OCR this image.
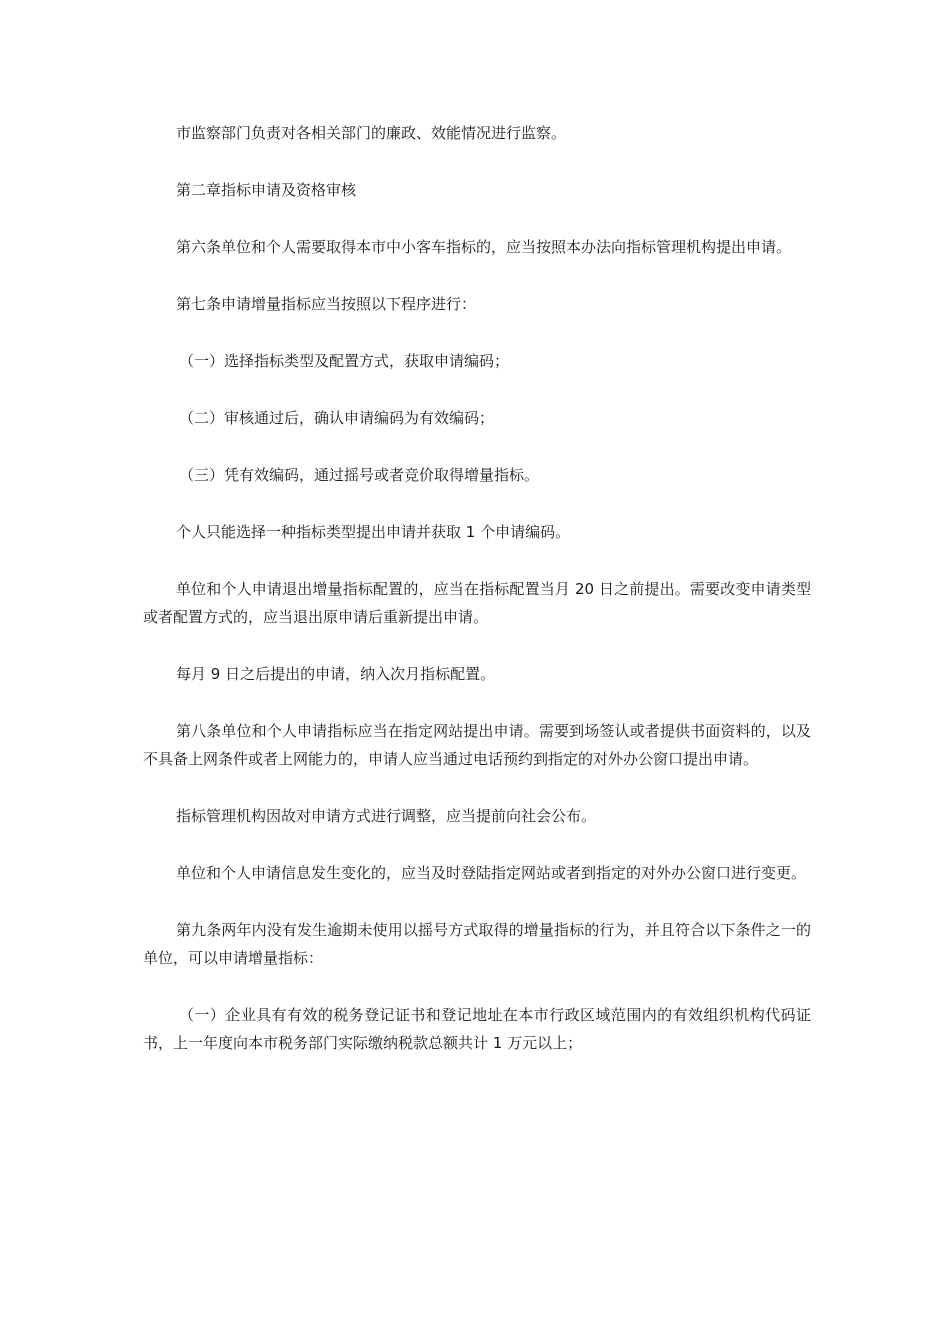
市监察部门负责对各相关部门的廉政、效能情况进行监察。

第二章指标申请及资格审核

第六条单位和个人需要取得本市中小客车指标的，应当按照本办法向指标管理机构提出申请。

第七条申请增量指标应当按照以下程序进行：

（一）选择指标类型及配置方式，获取申请编码；

（二）审核通过后，确认申请编码为有效编码；

（三）凭有效编码，通过摇号或者竞价取得增量指标。

个人只能选择一种指标类型提出申请并获取 1 个申请编码。

单位和个人申请退出增量指标配置的，应当在指标配置当月 20 日之前提出。需要改变申请类型或者配置方式的，应当退出原申请后重新提出申请。

每月 9 日之后提出的申请，纳入次月指标配置。

第八条单位和个人申请指标应当在指定网站提出申请。需要到场签认或者提供书面资料的，以及不具备上网条件或者上网能力的，申请人应当通过电话预约到指定的对外办公窗口提出申请。

指标管理机构因故对申请方式进行调整，应当提前向社会公布。

单位和个人申请信息发生变化的，应当及时登陆指定网站或者到指定的对外办公窗口进行变更。

第九条两年内没有发生逾期未使用以摇号方式取得的增量指标的行为，并且符合以下条件之一的单位，可以申请增量指标：

（一）企业具有有效的税务登记证书和登记地址在本市行政区域范围内的有效组织机构代码证书，上一年度向本市税务部门实际缴纳税款总额共计 1 万元以上；
